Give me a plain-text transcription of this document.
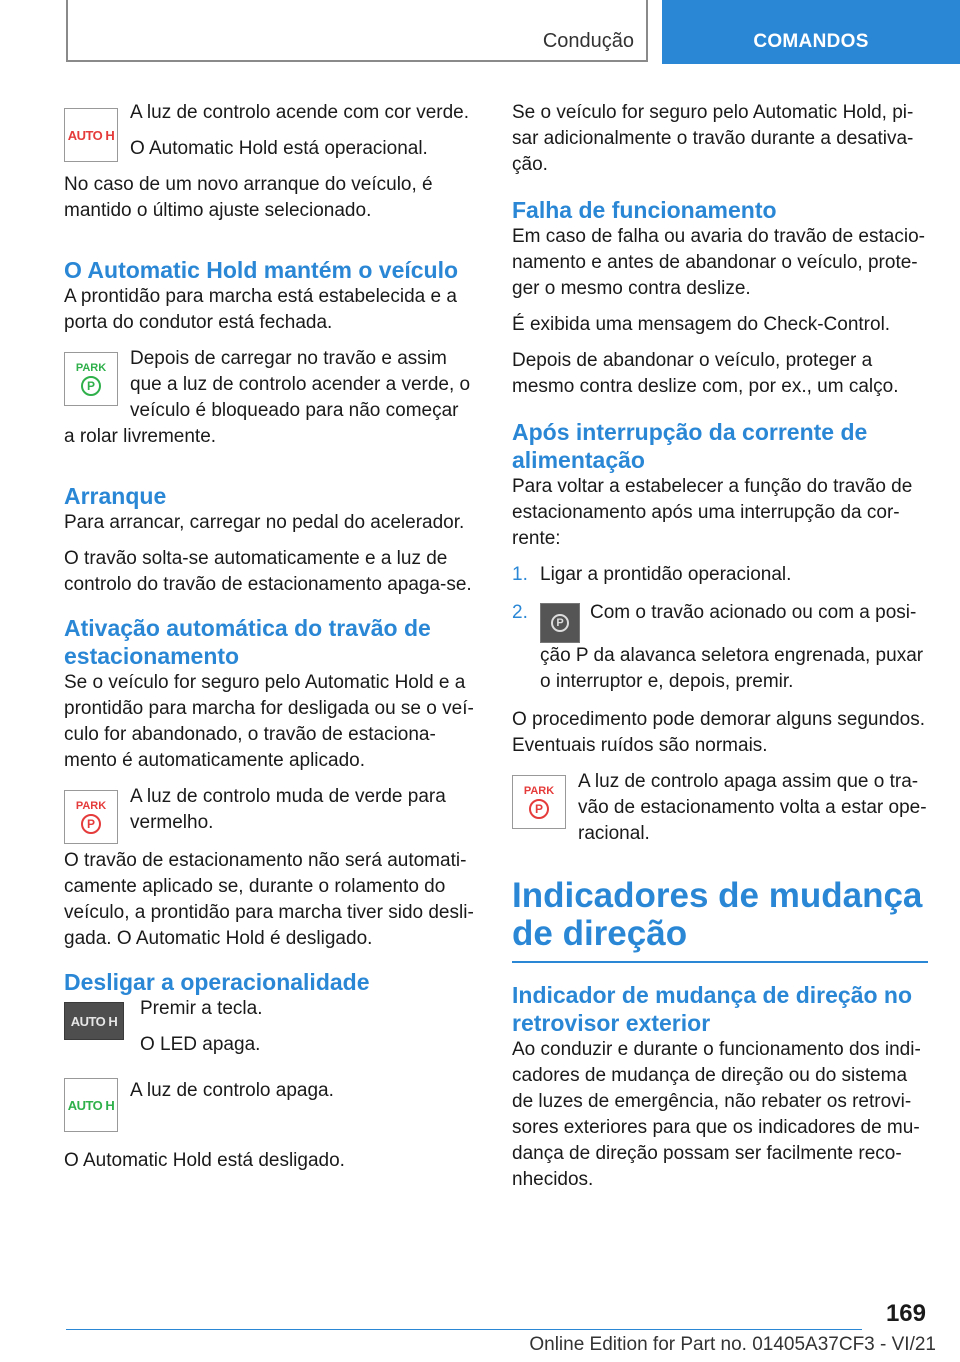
Condução	COMANDOS
AUTO H

A luz de controlo acende com cor verde.

O Automatic Hold está operacional.

No caso de um novo arranque do veículo, é mantido o último ajuste selecionado.

O Automatic Hold mantém o veículo

A prontidão para marcha está estabelecida e a porta do condutor está fechada.

PARK
P

Depois de carregar no travão e assim que a luz de controlo acender a verde, o veículo é bloqueado para não começar a rolar livremente.

Arranque

Para arrancar, carregar no pedal do acelerador.

O travão solta-se automaticamente e a luz de controlo do travão de estacionamento apaga-se.

Ativação automática do travão de estacionamento

Se o veículo for seguro pelo Automatic Hold e a prontidão para marcha for desligada ou se o veículo for abandonado, o travão de estacionamento é automaticamente aplicado.

PARK
P

A luz de controlo muda de verde para vermelho.

O travão de estacionamento não será automaticamente aplicado se, durante o rolamento do veículo, a prontidão para marcha tiver sido desligada. O Automatic Hold é desligado.

Desligar a operacionalidade
AUTO H

Premir a tecla.

O LED apaga.

AUTO H

A luz de controlo apaga.

O Automatic Hold está desligado.

Se o veículo for seguro pelo Automatic Hold, pisar adicionalmente o travão durante a desativação.

Falha de funcionamento

Em caso de falha ou avaria do travão de estacionamento e antes de abandonar o veículo, proteger o mesmo contra deslize.

É exibida uma mensagem do Check-Control.

Depois de abandonar o veículo, proteger a mesmo contra deslize com, por ex., um calço.

Após interrupção da corrente de alimentação

Para voltar a estabelecer a função do travão de estacionamento após uma interrupção da corrente:

1. Ligar a prontidão operacional.
2.	P Com o travão acionado ou com a posição P da alavanca seletora engrenada, puxar o interruptor e, depois, premir.

O procedimento pode demorar alguns segundos. Eventuais ruídos são normais.

PARK
P

A luz de controlo apaga assim que o travão de estacionamento volta a estar operacional.

Indicadores de mudança de direção
Indicador de mudança de direção no retrovisor exterior

Ao conduzir e durante o funcionamento dos indicadores de mudança de direção ou do sistema de luzes de emergência, não rebater os retrovisores exteriores para que os indicadores de mudança de direção possam ser facilmente reconhecidos.

169
Online Edition for Part no. 01405A37CF3 - VI/21
